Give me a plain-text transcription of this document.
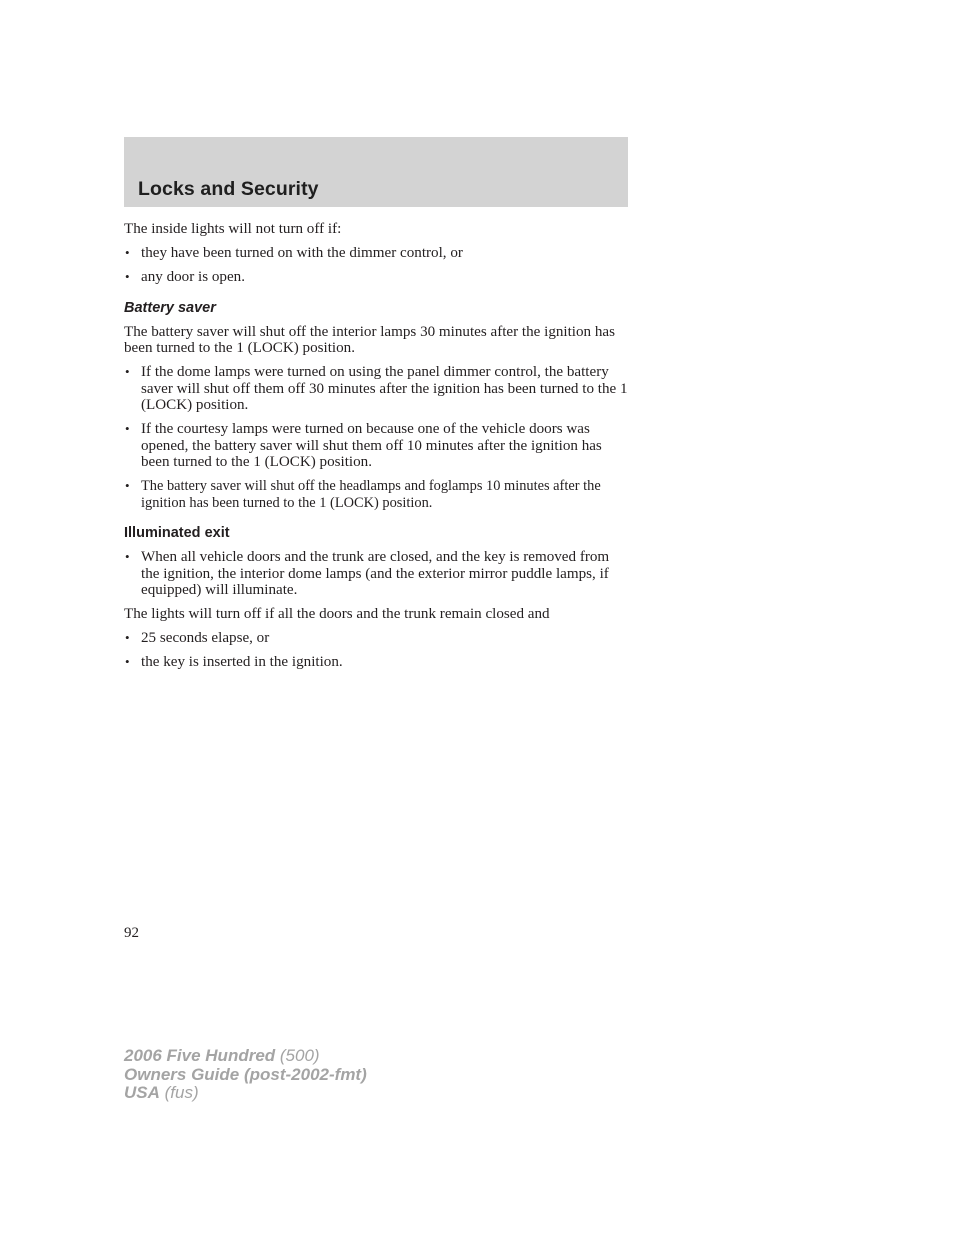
Locks and Security

The inside lights will not turn off if:

• they have been turned on with the dimmer control, or
• any door is open.
Battery saver

The battery saver will shut off the interior lamps 30 minutes after the ignition has been turned to the 1 (LOCK) position.

• If the dome lamps were turned on using the panel dimmer control, the battery saver will shut off them off 30 minutes after the ignition has been turned to the 1 (LOCK) position.
• If the courtesy lamps were turned on because one of the vehicle doors was opened, the battery saver will shut them off 10 minutes after the ignition has been turned to the 1 (LOCK) position.
• The battery saver will shut off the headlamps and foglamps 10 minutes after the ignition has been turned to the 1 (LOCK) position.
Illuminated exit
• When all vehicle doors and the trunk are closed, and the key is removed from the ignition, the interior dome lamps (and the exterior mirror puddle lamps, if equipped) will illuminate.

The lights will turn off if all the doors and the trunk remain closed and

• 25 seconds elapse, or
• the key is inserted in the ignition.
92
2006 Five Hundred (500)
Owners Guide (post-2002-fmt)
USA (fus)
